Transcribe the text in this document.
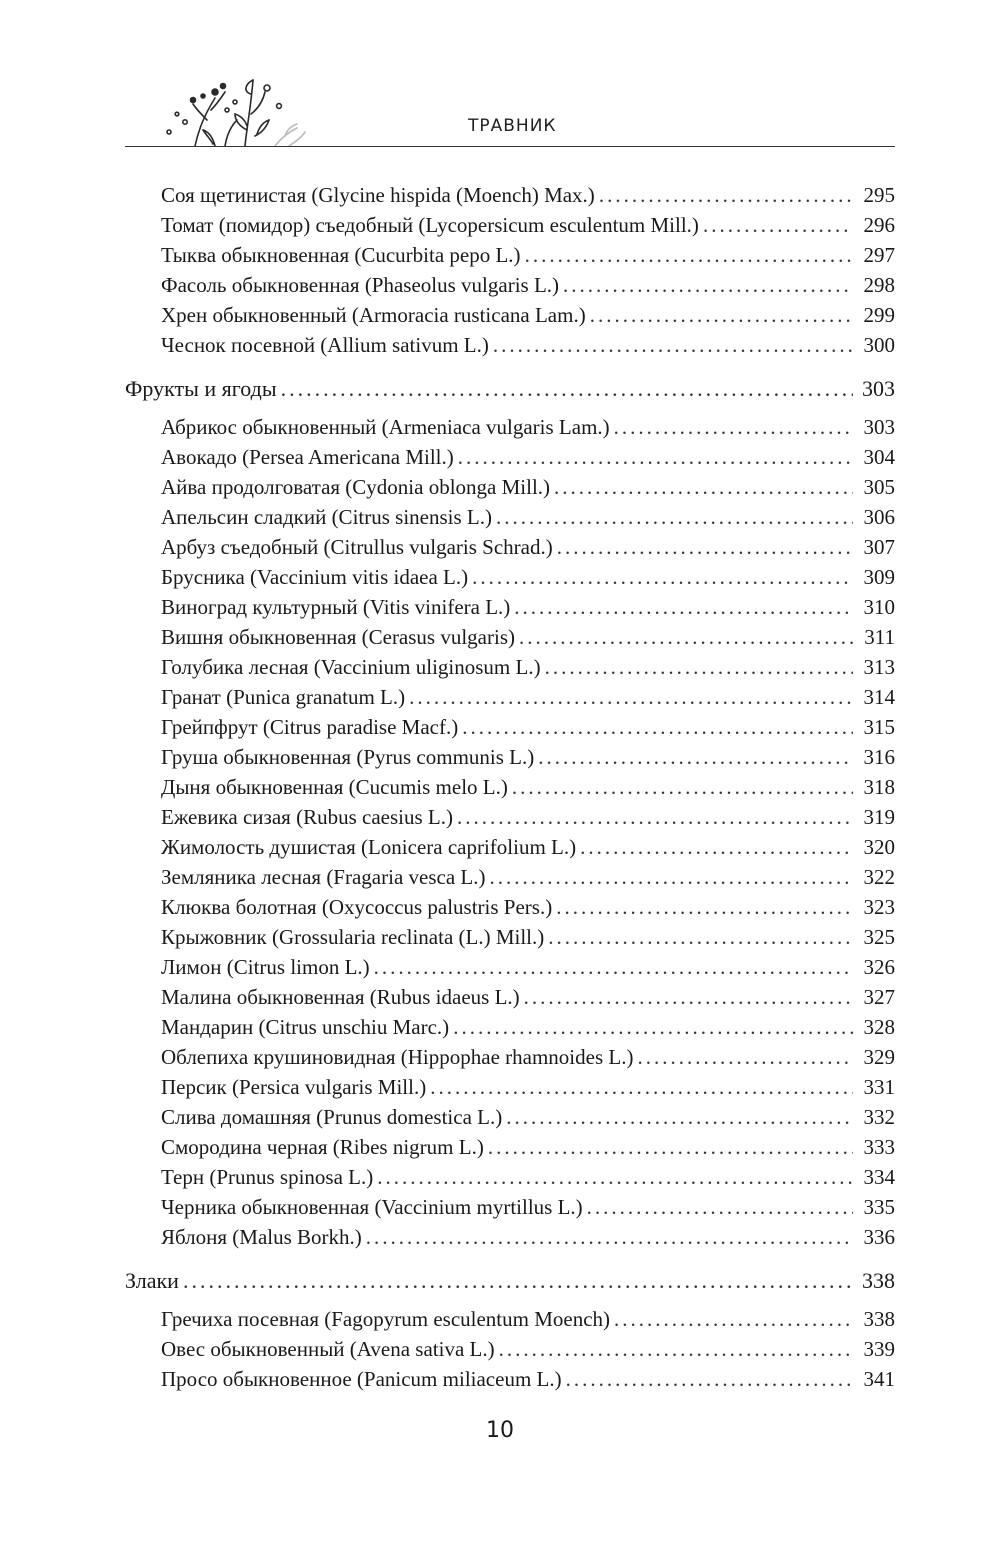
ТРАВНИК
Соя щетинистая (Glycine hispida (Moench) Max.) .....	295
Томат (помидор) съедобный (Lycopersicum esculentum Mill.) .....	296
Тыква обыкновенная (Cucurbita pepo L.) .....	297
Фасоль обыкновенная (Phaseolus vulgaris L.) .....	298
Хрен обыкновенный (Armoracia rusticana Lam.) .....	299
Чеснок посевной (Allium sativum L.) .....	300
Фрукты и ягоды .....	303
Абрикос обыкновенный (Armeniaca vulgaris Lam.) .....	303
Авокадо (Persea Americana Mill.) .....	304
Айва продолговатая (Cydonia oblonga Mill.) .....	305
Апельсин сладкий (Citrus sinensis L.) .....	306
Арбуз съедобный (Citrullus vulgaris Schrad.) .....	307
Брусника (Vaccinium vitis idaea L.) .....	309
Виноград культурный (Vitis vinifera L.) .....	310
Вишня обыкновенная (Cerasus vulgaris) .....	311
Голубика лесная (Vaccinium uliginosum L.) .....	313
Гранат (Punica granatum L.) .....	314
Грейпфрут (Citrus paradise Macf.) .....	315
Груша обыкновенная (Pyrus communis L.) .....	316
Дыня обыкновенная (Cucumis melo L.) .....	318
Ежевика сизая (Rubus caesius L.) .....	319
Жимолость душистая (Lonicera caprifolium L.) .....	320
Земляника лесная (Fragaria vesca L.) .....	322
Клюква болотная (Oxycoccus palustris Pers.) .....	323
Крыжовник (Grossularia reclinata (L.) Mill.) .....	325
Лимон (Citrus limon L.) .....	326
Малина обыкновенная (Rubus idaeus L.) .....	327
Мандарин (Citrus unschiu Marc.) .....	328
Облепиха крушиновидная (Hippophae rhamnoides L.) .....	329
Персик (Persica vulgaris Mill.) .....	331
Слива домашняя (Prunus domestica L.) .....	332
Смородина черная (Ribes nigrum L.) .....	333
Терн (Prunus spinosa L.) .....	334
Черника обыкновенная (Vaccinium myrtillus L.) .....	335
Яблоня (Malus Borkh.) .....	336
Злаки .....	338
Гречиха посевная (Fagopyrum esculentum Moench) .....	338
Овес обыкновенный (Avena sativa L.) .....	339
Просо обыкновенное (Panicum miliaceum L.) .....	341
10
